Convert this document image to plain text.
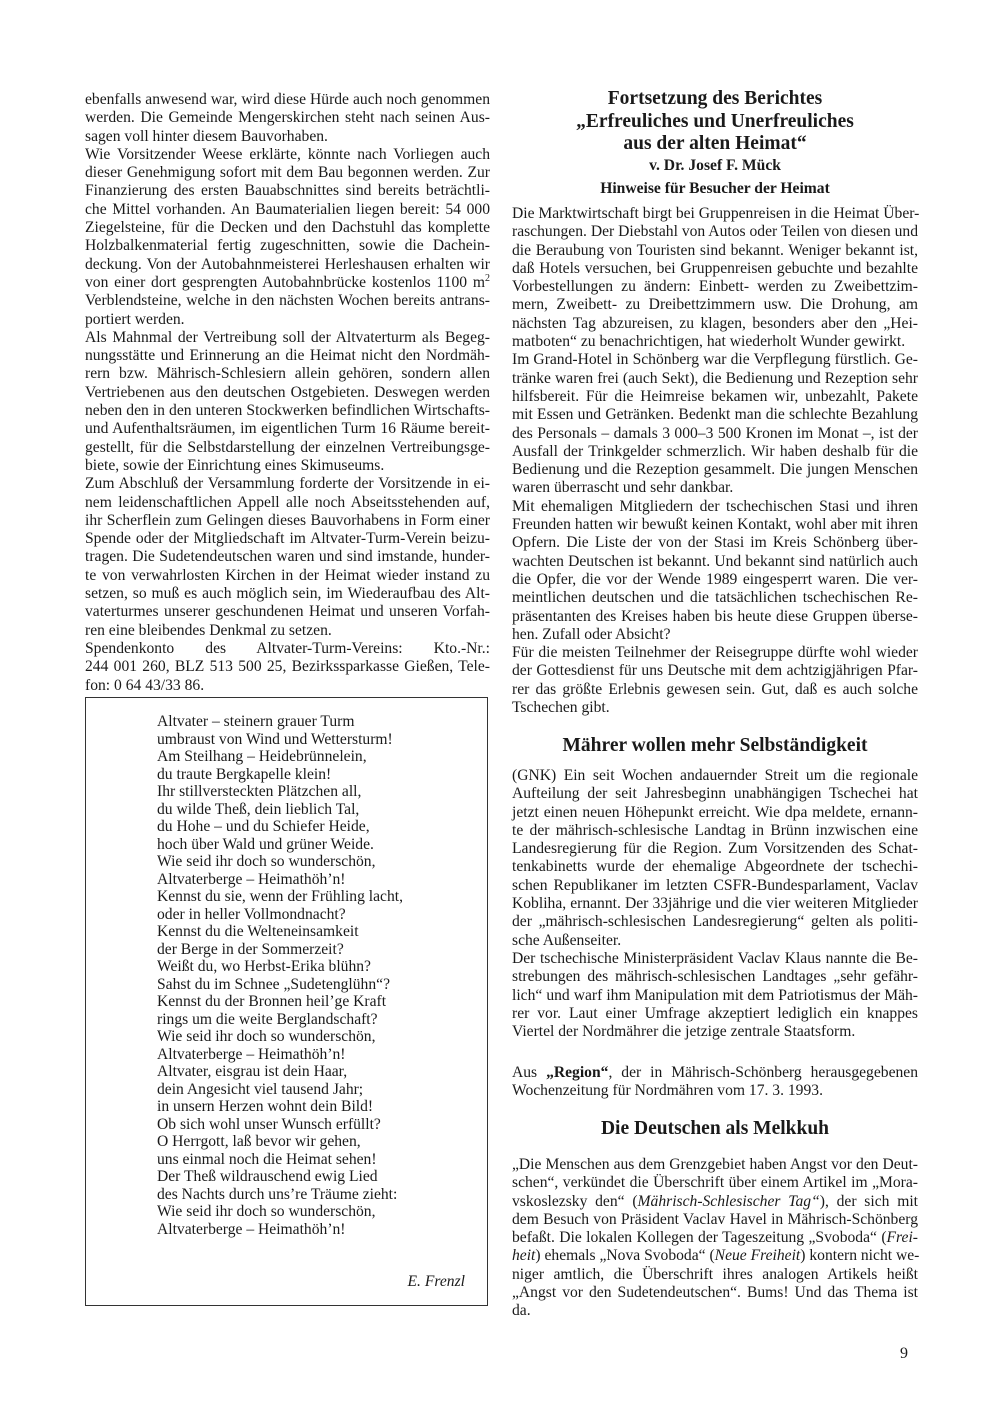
ebenfalls anwesend war, wird diese Hürde auch noch genommen
werden. Die Gemeinde Mengerskirchen steht nach seinen Aus-
sagen voll hinter diesem Bauvorhaben.
Wie Vorsitzender Weese erklärte, könnte nach Vorliegen auch
dieser Genehmigung sofort mit dem Bau begonnen werden. Zur
Finanzierung des ersten Bauabschnittes sind bereits beträchtli-
che Mittel vorhanden. An Baumaterialien liegen bereit: 54 000
Ziegelsteine, für die Decken und den Dachstuhl das komplette
Holzbalkenmaterial fertig zugeschnitten, sowie die Dachein-
deckung. Von der Autobahnmeisterei Herleshausen erhalten wir
von einer dort gesprengten Autobahnbrücke kostenlos 1100 $m^2$
Verblendsteine, welche in den nächsten Wochen bereits antrans-
portiert werden.
Als Mahnmal der Vertreibung soll der Altvaterturm als Begeg-
nungsstätte und Erinnerung an die Heimat nicht den Nordmäh-
rern bzw. Mährisch-Schlesiern allein gehören, sondern allen
Vertriebenen aus den deutschen Ostgebieten. Deswegen werden
neben den in den unteren Stockwerken befindlichen Wirtschafts-
und Aufenthaltsräumen, im eigentlichen Turm 16 Räume bereit-
gestellt, für die Selbstdarstellung der einzelnen Vertreibungsge-
biete, sowie der Einrichtung eines Skimuseums.
Zum Abschluß der Versammlung forderte der Vorsitzende in ei-
nem leidenschaftlichen Appell alle noch Abseitsstehenden auf,
ihr Scherflein zum Gelingen dieses Bauvorhabens in Form einer
Spende oder der Mitgliedschaft im Altvater-Turm-Verein beizu-
tragen. Die Sudetendeutschen waren und sind imstande, hunder-
te von verwahrlosten Kirchen in der Heimat wieder instand zu
setzen, so muß es auch möglich sein, im Wiederaufbau des Alt-
vaterturmes unserer geschundenen Heimat und unseren Vorfah-
ren eine bleibendes Denkmal zu setzen.
Spendenkonto des Altvater-Turm-Vereins: Kto.-Nr.:
244 001 260, BLZ 513 500 25, Bezirkssparkasse Gießen, Tele-
fon: 0 64 43/33 86.
Altvater – steinern grauer Turm
umbraust von Wind und Wettersturm!
Am Steilhang – Heidebrünnelein,
du traute Bergkapelle klein!
Ihr stillversteckten Plätzchen all,
du wilde Theß, dein lieblich Tal,
du Hohe – und du Schiefer Heide,
hoch über Wald und grüner Weide.
Wie seid ihr doch so wunderschön,
Altvaterberge – Heimathöh’n!
Kennst du sie, wenn der Frühling lacht,
oder in heller Vollmondnacht?
Kennst du die Welteneinsamkeit
der Berge in der Sommerzeit?
Weißt du, wo Herbst-Erika blühn?
Sahst du im Schnee „Sudetenglühn“?
Kennst du der Bronnen heil’ge Kraft
rings um die weite Berglandschaft?
Wie seid ihr doch so wunderschön,
Altvaterberge – Heimathöh’n!
Altvater, eisgrau ist dein Haar,
dein Angesicht viel tausend Jahr;
in unsern Herzen wohnt dein Bild!
Ob sich wohl unser Wunsch erfüllt?
O Herrgott, laß bevor wir gehen,
uns einmal noch die Heimat sehen!
Der Theß wildrauschend ewig Lied
des Nachts durch uns’re Träume zieht:
Wie seid ihr doch so wunderschön,
Altvaterberge – Heimathöh’n!
E. Frenzl
Fortsetzung des Berichtes
„Erfreuliches und Unerfreuliches
aus der alten Heimat“
v. Dr. Josef F. Mück
Hinweise für Besucher der Heimat
Die Marktwirtschaft birgt bei Gruppenreisen in die Heimat Über-
raschungen. Der Diebstahl von Autos oder Teilen von diesen und
die Beraubung von Touristen sind bekannt. Weniger bekannt ist,
daß Hotels versuchen, bei Gruppenreisen gebuchte und bezahlte
Vorbestellungen zu ändern: Einbett- werden zu Zweibettzim-
mern, Zweibett- zu Dreibettzimmern usw. Die Drohung, am
nächsten Tag abzureisen, zu klagen, besonders aber den „Hei-
matboten“ zu benachrichtigen, hat wiederholt Wunder gewirkt.
Im Grand-Hotel in Schönberg war die Verpflegung fürstlich. Ge-
tränke waren frei (auch Sekt), die Bedienung und Rezeption sehr
hilfsbereit. Für die Heimreise bekamen wir, unbezahlt, Pakete
mit Essen und Getränken. Bedenkt man die schlechte Bezahlung
des Personals – damals 3 000–3 500 Kronen im Monat –, ist der
Ausfall der Trinkgelder schmerzlich. Wir haben deshalb für die
Bedienung und die Rezeption gesammelt. Die jungen Menschen
waren überrascht und sehr dankbar.
Mit ehemaligen Mitgliedern der tschechischen Stasi und ihren
Freunden hatten wir bewußt keinen Kontakt, wohl aber mit ihren
Opfern. Die Liste der von der Stasi im Kreis Schönberg über-
wachten Deutschen ist bekannt. Und bekannt sind natürlich auch
die Opfer, die vor der Wende 1989 eingesperrt waren. Die ver-
meintlichen deutschen und die tatsächlichen tschechischen Re-
präsentanten des Kreises haben bis heute diese Gruppen überse-
hen. Zufall oder Absicht?
Für die meisten Teilnehmer der Reisegruppe dürfte wohl wieder
der Gottesdienst für uns Deutsche mit dem achtzigjährigen Pfar-
rer das größte Erlebnis gewesen sein. Gut, daß es auch solche
Tschechen gibt.
Mährer wollen mehr Selbständigkeit
(GNK) Ein seit Wochen andauernder Streit um die regionale
Aufteilung der seit Jahresbeginn unabhängigen Tschechei hat
jetzt einen neuen Höhepunkt erreicht. Wie dpa meldete, ernann-
te der mährisch-schlesische Landtag in Brünn inzwischen eine
Landesregierung für die Region. Zum Vorsitzenden des Schat-
tenkabinetts wurde der ehemalige Abgeordnete der tschechi-
schen Republikaner im letzten CSFR-Bundesparlament, Vaclav
Kobliha, ernannt. Der 33jährige und die vier weiteren Mitglieder
der „mährisch-schlesischen Landesregierung“ gelten als politi-
sche Außenseiter.
Der tschechische Ministerpräsident Vaclav Klaus nannte die Be-
strebungen des mährisch-schlesischen Landtages „sehr gefähr-
lich“ und warf ihm Manipulation mit dem Patriotismus der Mäh-
rer vor. Laut einer Umfrage akzeptiert lediglich ein knappes
Viertel der Nordmährer die jetzige zentrale Staatsform.
Aus „Region“, der in Mährisch-Schönberg herausgegebenen
Wochenzeitung für Nordmähren vom 17. 3. 1993.
Die Deutschen als Melkkuh
„Die Menschen aus dem Grenzgebiet haben Angst vor den Deut-
schen“, verkündet die Überschrift über einem Artikel im „Mora-
vskoslezsky den“ (Mährisch-Schlesischer Tag“), der sich mit
dem Besuch von Präsident Vaclav Havel in Mährisch-Schönberg
befaßt. Die lokalen Kollegen der Tageszeitung „Svoboda“ (Frei-
heit) ehemals „Nova Svoboda“ (Neue Freiheit) kontern nicht we-
niger amtlich, die Überschrift ihres analogen Artikels heißt
„Angst vor den Sudetendeutschen“. Bums! Und das Thema ist
da.
9
